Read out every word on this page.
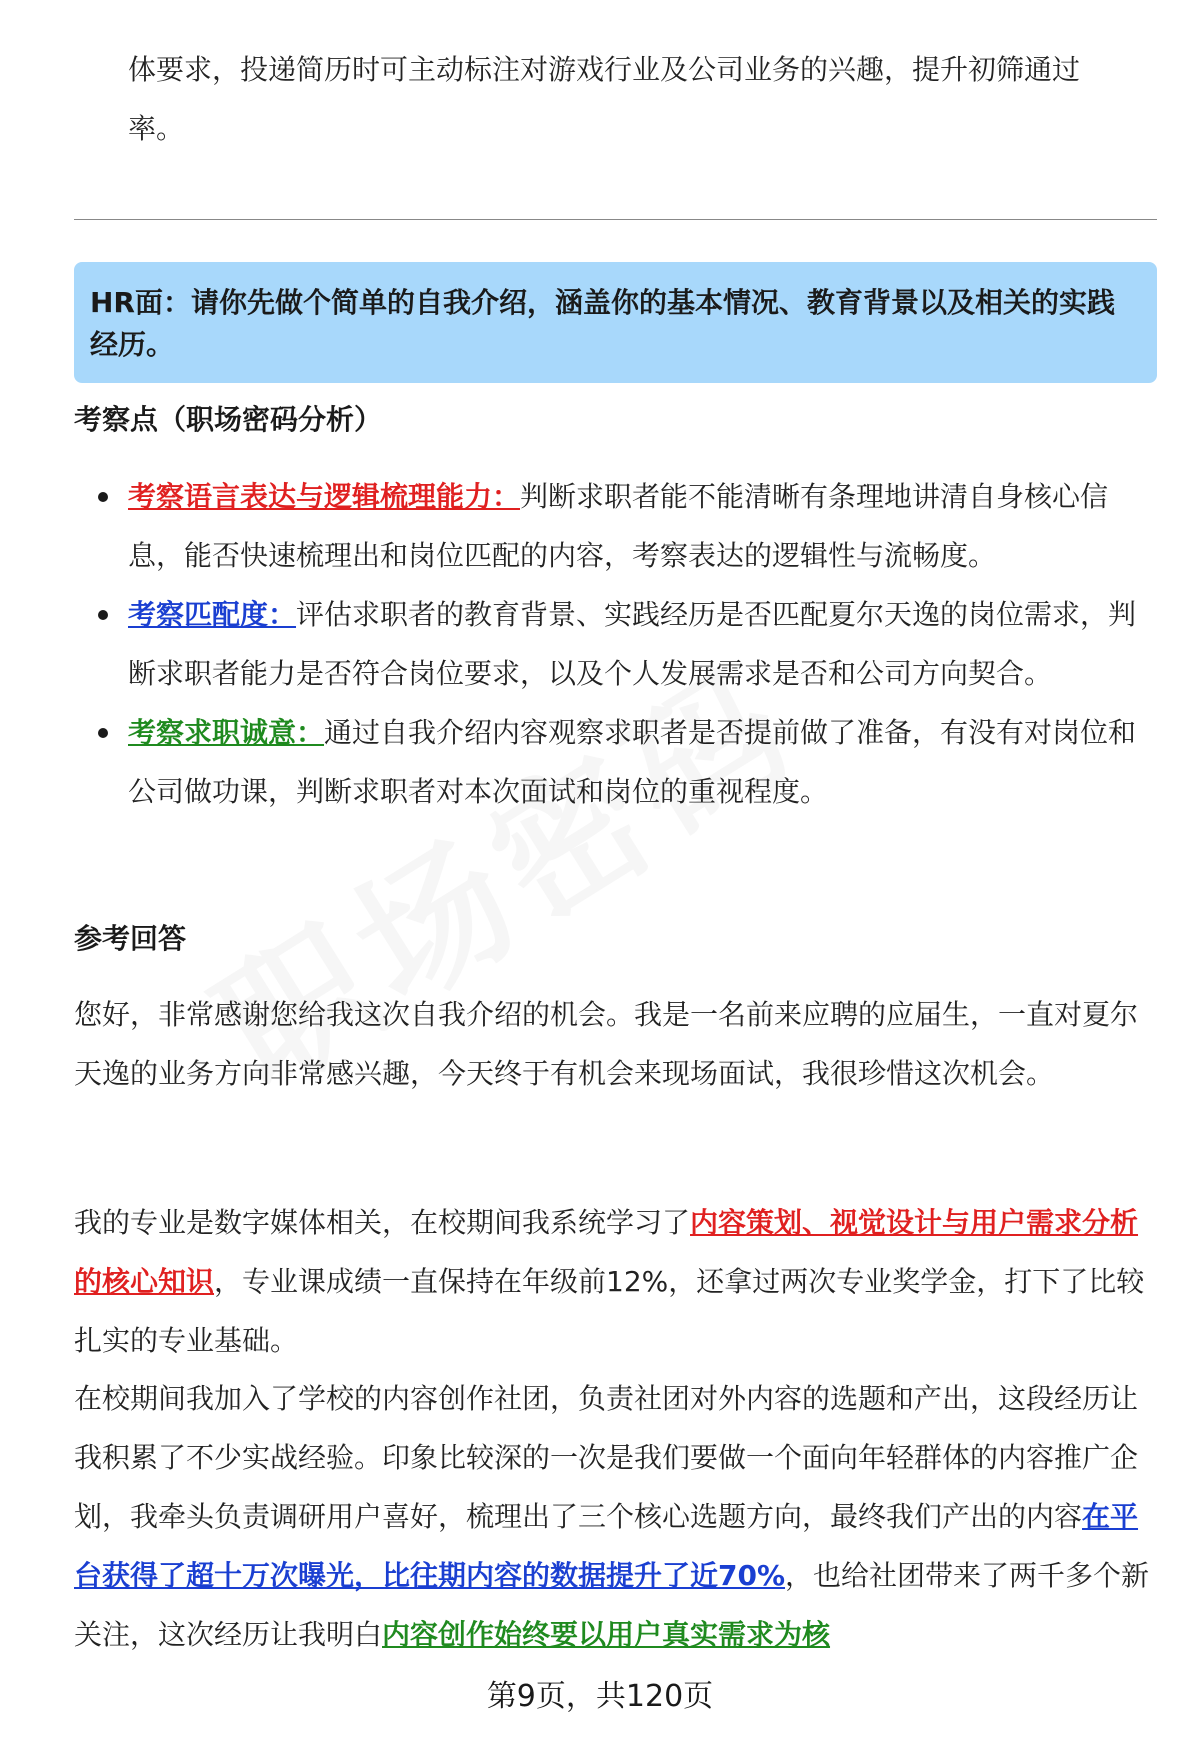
体要求，投递简历时可主动标注对游戏行业及公司业务的兴趣，提升初筛通过

率。

HR面：请你先做个简单的自我介绍，涵盖你的基本情况、教育背景以及相关的实践经历。
考察点（职场密码分析）
考察语言表达与逻辑梳理能力：判断求职者能不能清晰有条理地讲清自身核心信息，能否快速梳理出和岗位匹配的内容，考察表达的逻辑性与流畅度。
考察匹配度：评估求职者的教育背景、实践经历是否匹配夏尔天逸的岗位需求，判断求职者能力是否符合岗位要求，以及个人发展需求是否和公司方向契合。
考察求职诚意：通过自我介绍内容观察求职者是否提前做了准备，有没有对岗位和公司做功课，判断求职者对本次面试和岗位的重视程度。
参考回答

您好，非常感谢您给我这次自我介绍的机会。我是一名前来应聘的应届生，一直对夏尔天逸的业务方向非常感兴趣，今天终于有机会来现场面试，我很珍惜这次机会。

我的专业是数字媒体相关，在校期间我系统学习了内容策划、视觉设计与用户需求分析的核心知识，专业课成绩一直保持在年级前12%，还拿过两次专业奖学金，打下了比较扎实的专业基础。

在校期间我加入了学校的内容创作社团，负责社团对外内容的选题和产出，这段经历让我积累了不少实战经验。印象比较深的一次是我们要做一个面向年轻群体的内容推广企划，我牵头负责调研用户喜好，梳理出了三个核心选题方向，最终我们产出的内容在平台获得了超十万次曝光，比往期内容的数据提升了近70%，也给社团带来了两千多个新关注，这次经历让我明白内容创作始终要以用户真实需求为核

第9页，共120页
